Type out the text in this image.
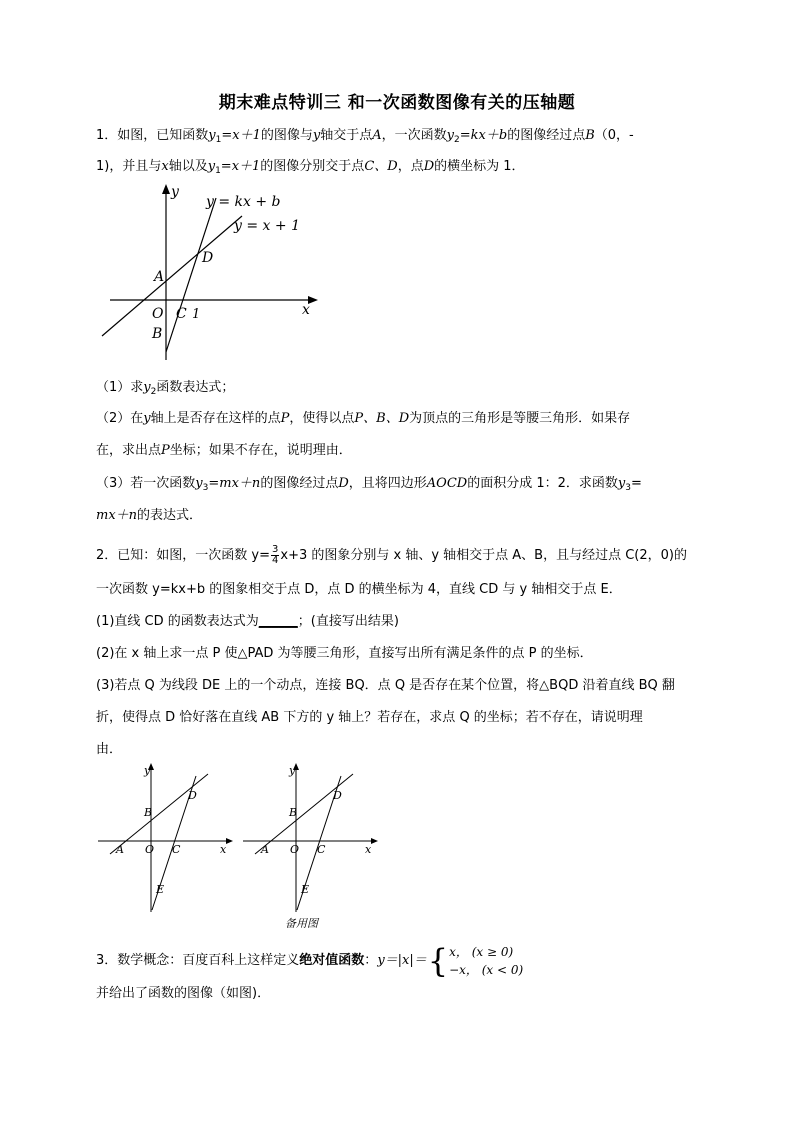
期末难点特训三 和一次函数图像有关的压轴题
1．如图，已知函数$y_1=x+1$的图像与y轴交于点A，一次函数$y_2=kx+b$的图像经过点B（0，-
1)，并且与x轴以及$y_1=x+1$的图像分别交于点C、D，点D的横坐标为 1．
y = kx + b
y = x + 1
y
x
A
D
O C 1
B
（1）求$y_2$函数表达式；
（2）在y轴上是否存在这样的点P，使得以点P、B、D为顶点的三角形是等腰三角形．如果存
在，求出点P坐标；如果不存在，说明理由．
（3）若一次函数$y_3=mx+n$的图像经过点D，且将四边形AOCD的面积分成 1：2．求函数$y_3=$
mx＋n的表达式．
2．已知：如图，一次函数 $y= \frac{3}{4} x+3$ 的图象分别与 x 轴、y 轴相交于点 A、B，且与经过点 C(2，0)的
一次函数 y=kx+b 的图象相交于点 D，点 D 的横坐标为 4，直线 CD 与 y 轴相交于点 E．
(1)直线 CD 的函数表达式为______；(直接写出结果)
(2)在 x 轴上求一点 P 使△PAD 为等腰三角形，直接写出所有满足条件的点 P 的坐标．
(3)若点 Q 为线段 DE 上的一个动点，连接 BQ．点 Q 是否存在某个位置，将△BQD 沿着直线 BQ 翻
折，使得点 D 恰好落在直线 AB 下方的 y 轴上？若存在，求点 Q 的坐标；若不存在，请说明理
由．
y
x
D
B
A O C
E
y
x
D
B
A O C
E
备用图
3．数学概念：百度百科上这样定义 绝对值函数 ： y＝|x|＝ { x， (x ≥ 0)
−x， (x < 0)
并给出了函数的图像（如图)．
